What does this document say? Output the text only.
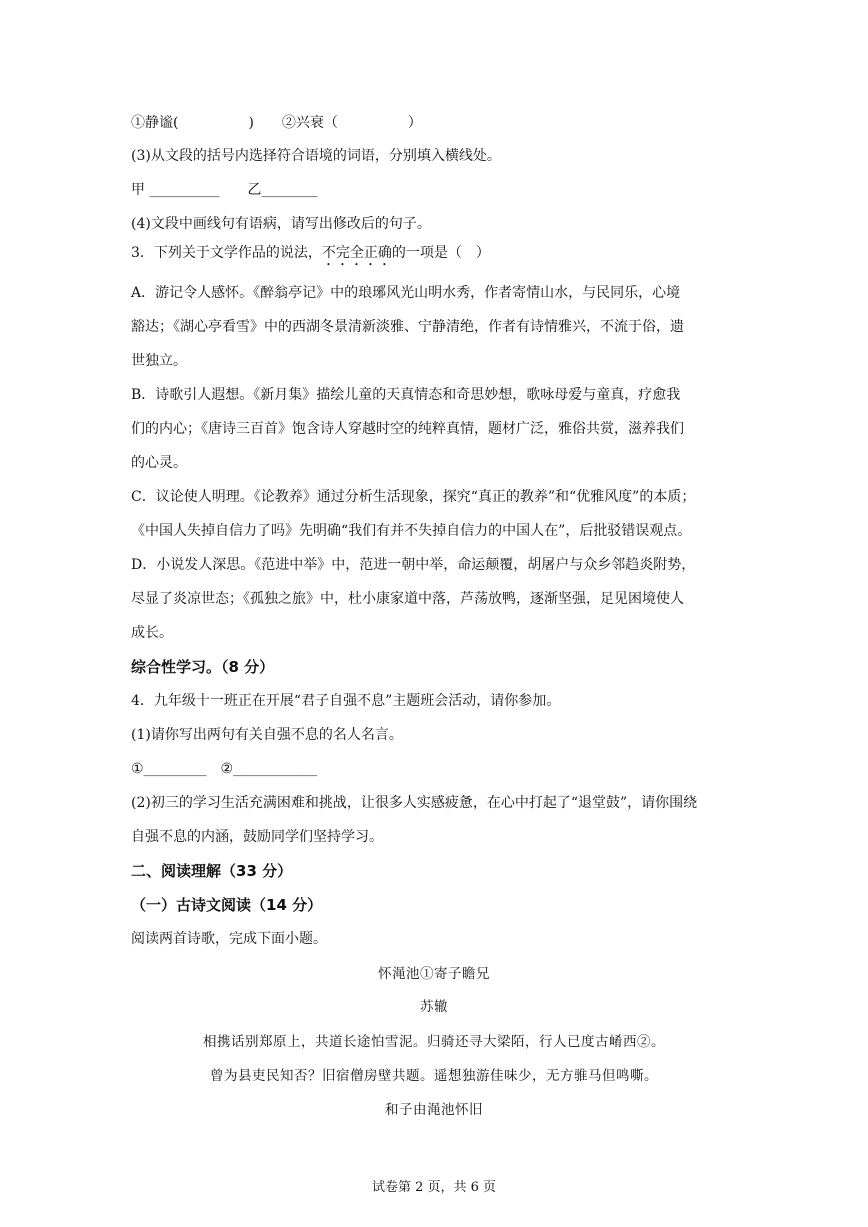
①静谧(　　　　　)　　②兴衰（　　　　　）
(3)从文段的括号内选择符合语境的词语，分别填入横线处。
甲 __________　　乙________
(4)文段中画线句有语病，请写出修改后的句子。
3．下列关于文学作品的说法，不完全正确的一项是（　）
A．游记令人感怀。《醉翁亭记》中的琅琊风光山明水秀，作者寄情山水，与民同乐，心境
豁达；《湖心亭看雪》中的西湖冬景清新淡雅、宁静清绝，作者有诗情雅兴，不流于俗，遗
世独立。
B．诗歌引人遐想。《新月集》描绘儿童的天真情态和奇思妙想，歌咏母爱与童真，疗愈我
们的内心；《唐诗三百首》饱含诗人穿越时空的纯粹真情，题材广泛，雅俗共赏，滋养我们
的心灵。
C．议论使人明理。《论教养》通过分析生活现象，探究“真正的教养”和“优雅风度”的本质；
《中国人失掉自信力了吗》先明确“我们有并不失掉自信力的中国人在”，后批驳错误观点。
D．小说发人深思。《范进中举》中，范进一朝中举，命运颠覆，胡屠户与众乡邻趋炎附势，
尽显了炎凉世态；《孤独之旅》中，杜小康家道中落，芦荡放鸭，逐渐坚强，足见困境使人
成长。
综合性学习。（8 分）
4．九年级十一班正在开展“君子自强不息”主题班会活动，请你参加。
(1)请你写出两句有关自强不息的名人名言。
①_________　②____________
(2)初三的学习生活充满困难和挑战，让很多人实感疲惫，在心中打起了“退堂鼓”，请你围绕
自强不息的内涵，鼓励同学们坚持学习。
二、阅读理解（33 分）
（一）古诗文阅读（14 分）
阅读两首诗歌，完成下面小题。
怀渑池①寄子瞻兄
苏辙
相携话别郑原上，共道长途怕雪泥。归骑还寻大梁陌，行人已度古崤西②。
曾为县吏民知否？旧宿僧房壁共题。遥想独游佳味少，无方骓马但鸣嘶。
和子由渑池怀旧
试卷第 2 页，共 6 页
